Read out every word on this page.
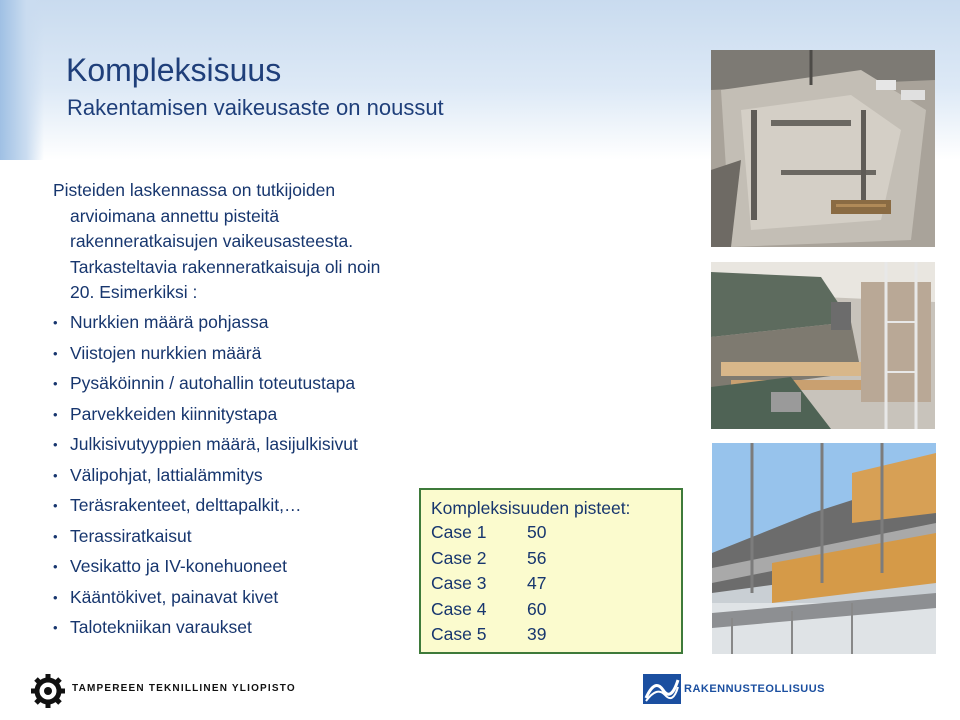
Kompleksisuus
Rakentamisen vaikeusaste on noussut
Pisteiden laskennassa on tutkijoiden
arvioimana annettu pisteitä
rakenneratkaisujen vaikeusasteesta.
Tarkasteltavia rakenneratkaisuja oli noin
20. Esimerkiksi :
• Nurkkien määrä pohjassa
• Viistojen nurkkien määrä
• Pysäköinnin / autohallin toteutustapa
• Parvekkeiden kiinnitystapa
• Julkisivutyyppien määrä, lasijulkisivut
• Välipohjat, lattialämmitys
• Teräsrakenteet, delttapalkit,…
• Terassiratkaisut
• Vesikatto ja IV-konehuoneet
• Kääntökivet, painavat kivet
• Talotekniikan varaukset
Kompleksisuuden pisteet:
Case 1 50
Case 2 56
Case 3 47
Case 4 60
Case 5 39
TAMPEREEN TEKNILLINEN YLIOPISTO	RAKENNUSTEOLLISUUS
